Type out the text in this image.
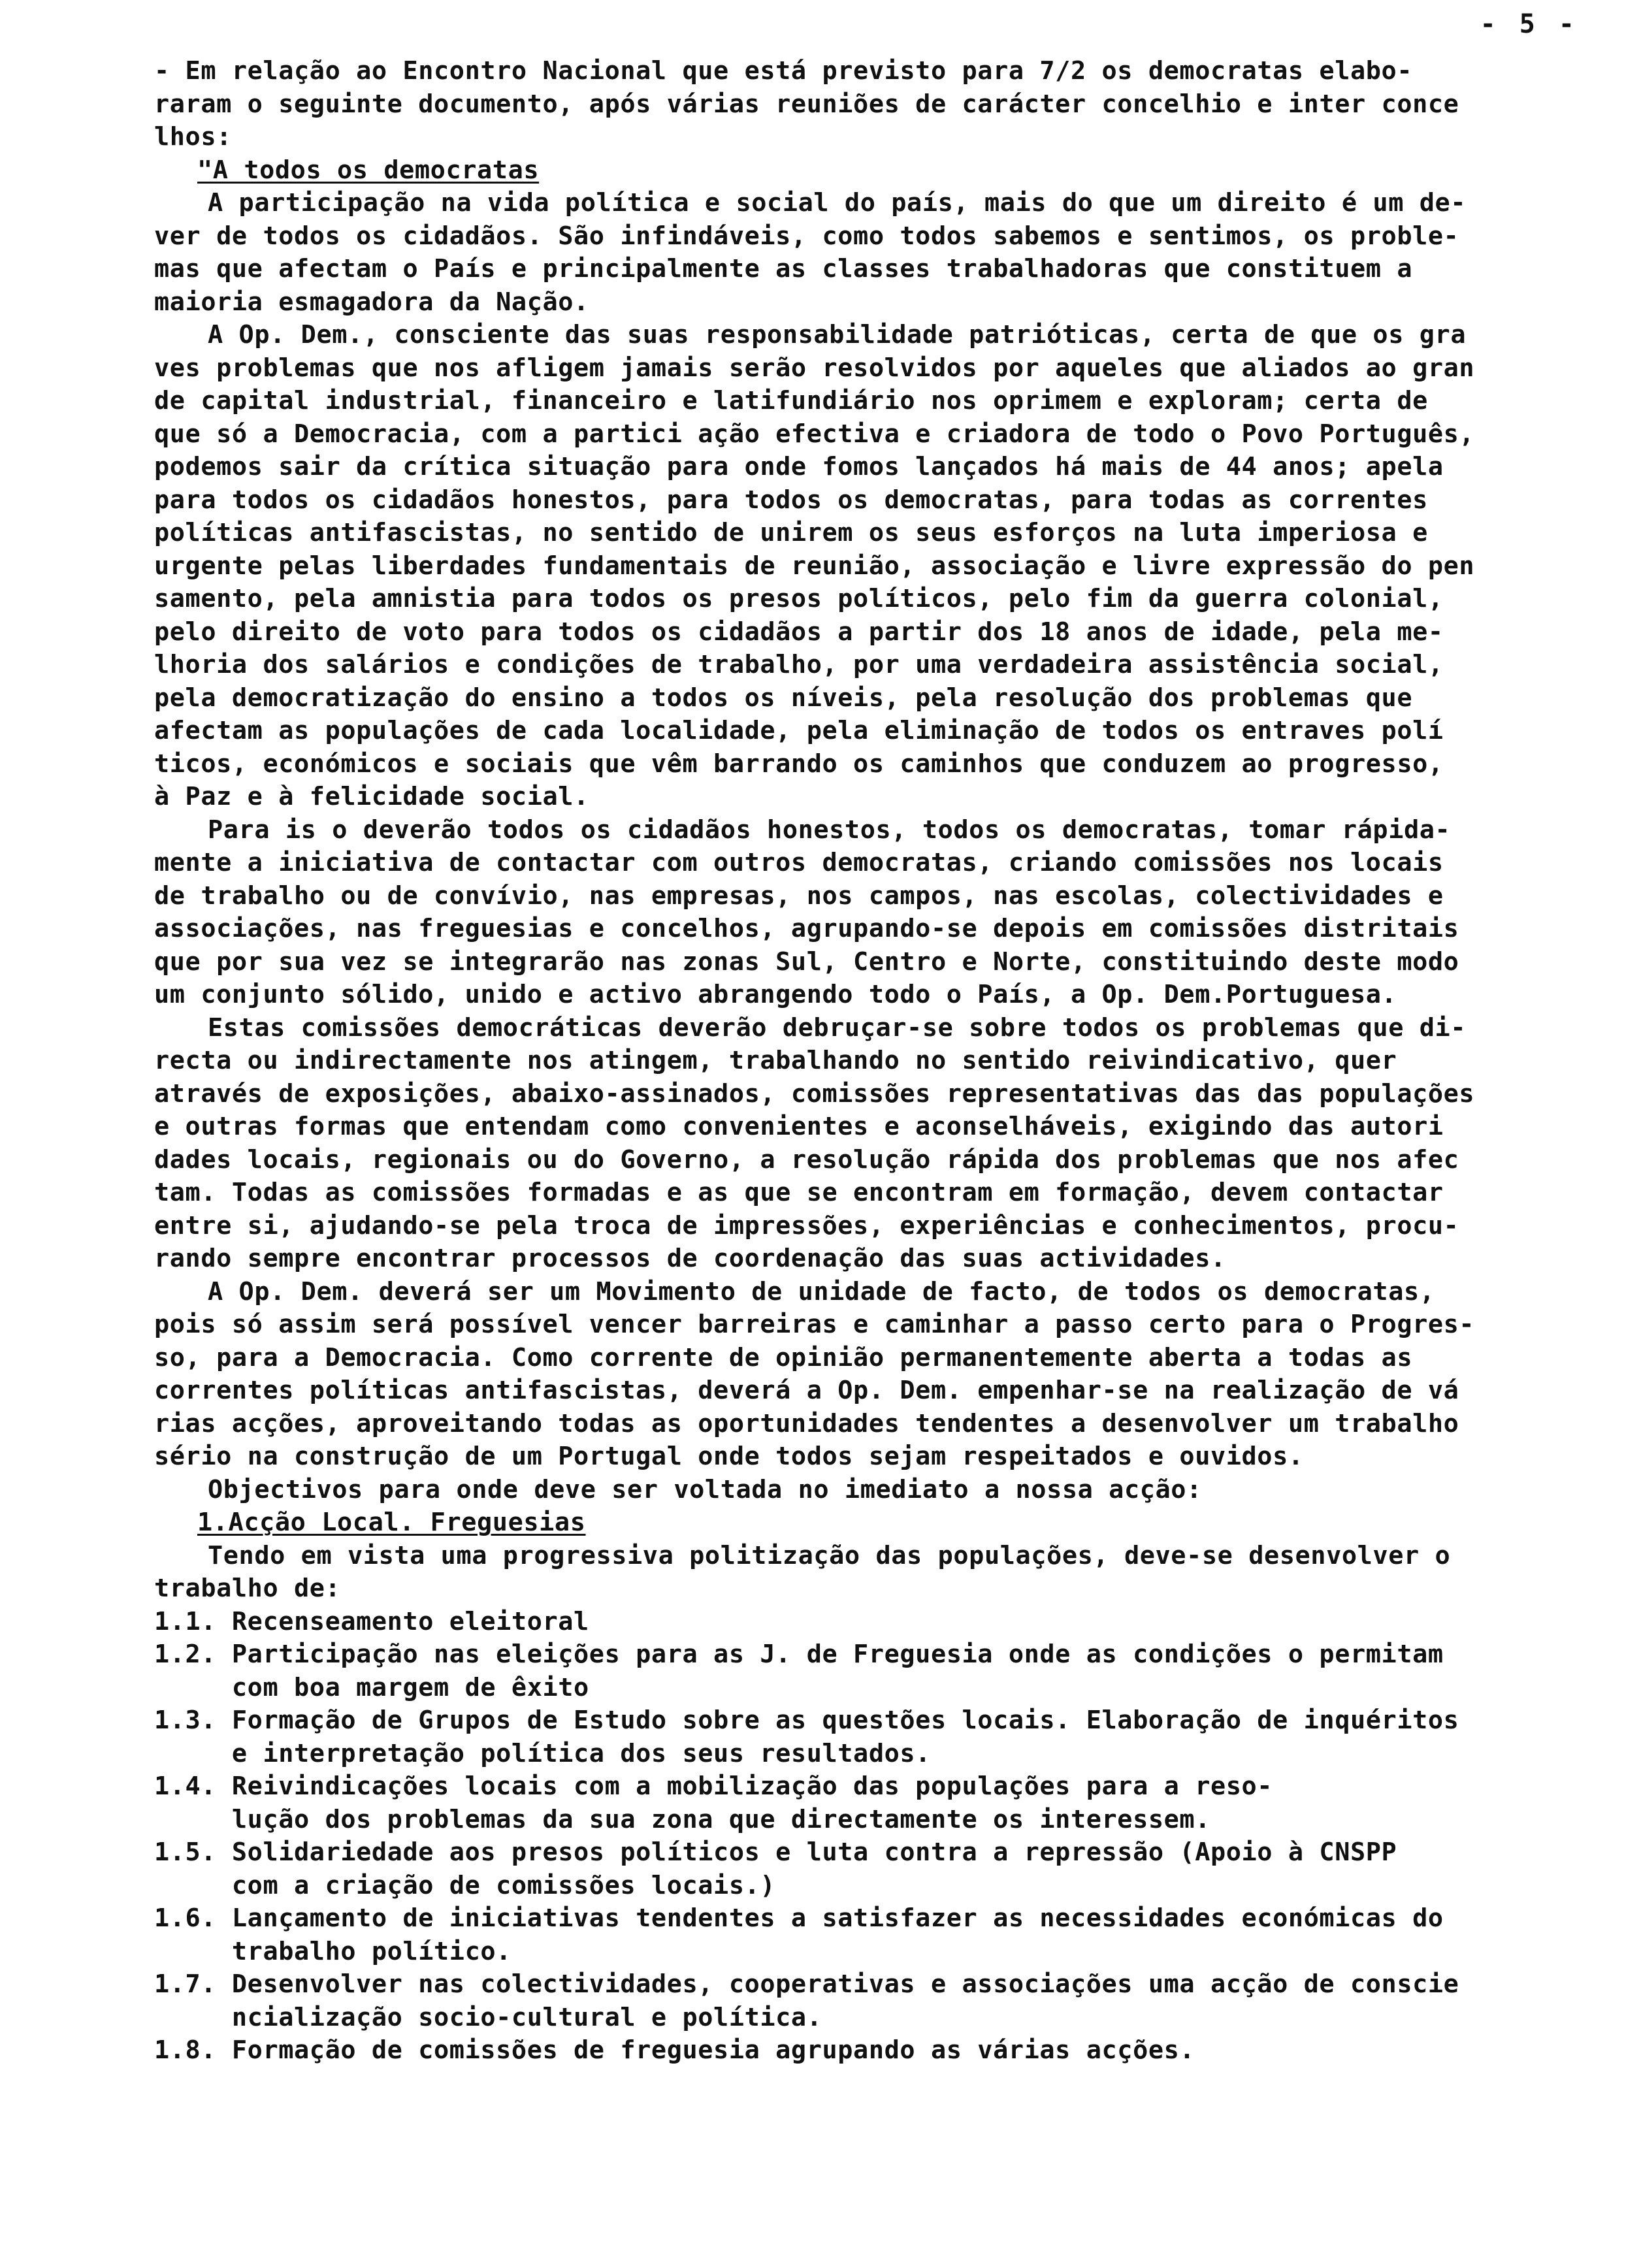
- 5 -
- Em relação ao Encontro Nacional que está previsto para 7/2 os democratas elabo-
raram o seguinte documento, após várias reuniões de carácter concelhio e inter conce
lhos:
"A todos os democratas
A participação na vida política e social do país, mais do que um direito é um de-
ver de todos os cidadãos. São infindáveis, como todos sabemos e sentimos, os proble-
mas que afectam o País e principalmente as classes trabalhadoras que constituem a
maioria esmagadora da Nação.
A Op. Dem., consciente das suas responsabilidade patrióticas, certa de que os gra
ves problemas que nos afligem jamais serão resolvidos por aqueles que aliados ao gran
de capital industrial, financeiro e latifundiário nos oprimem e exploram; certa de
que só a Democracia, com a partici ação efectiva e criadora de todo o Povo Português,
podemos sair da crítica situação para onde fomos lançados há mais de 44 anos; apela
para todos os cidadãos honestos, para todos os democratas, para todas as correntes
políticas antifascistas, no sentido de unirem os seus esforços na luta imperiosa e
urgente pelas liberdades fundamentais de reunião, associação e livre expressão do pen
samento, pela amnistia para todos os presos políticos, pelo fim da guerra colonial,
pelo direito de voto para todos os cidadãos a partir dos 18 anos de idade, pela me-
lhoria dos salários e condições de trabalho, por uma verdadeira assistência social,
pela democratização do ensino a todos os níveis, pela resolução dos problemas que
afectam as populações de cada localidade, pela eliminação de todos os entraves polí
ticos, económicos e sociais que vêm barrando os caminhos que conduzem ao progresso,
à Paz e à felicidade social.
Para is o deverão todos os cidadãos honestos, todos os democratas, tomar rápida-
mente a iniciativa de contactar com outros democratas, criando comissões nos locais
de trabalho ou de convívio, nas empresas, nos campos, nas escolas, colectividades e
associações, nas freguesias e concelhos, agrupando-se depois em comissões distritais
que por sua vez se integrarão nas zonas Sul, Centro e Norte, constituindo deste modo
um conjunto sólido, unido e activo abrangendo todo o País, a Op. Dem.Portuguesa.
Estas comissões democráticas deverão debruçar-se sobre todos os problemas que di-
recta ou indirectamente nos atingem, trabalhando no sentido reivindicativo, quer
através de exposições, abaixo-assinados, comissões representativas das das populações
e outras formas que entendam como convenientes e aconselháveis, exigindo das autori
dades locais, regionais ou do Governo, a resolução rápida dos problemas que nos afec
tam. Todas as comissões formadas e as que se encontram em formação, devem contactar
entre si, ajudando-se pela troca de impressões, experiências e conhecimentos, procu-
rando sempre encontrar processos de coordenação das suas actividades.
A Op. Dem. deverá ser um Movimento de unidade de facto, de todos os democratas,
pois só assim será possível vencer barreiras e caminhar a passo certo para o Progres-
so, para a Democracia. Como corrente de opinião permanentemente aberta a todas as
correntes políticas antifascistas, deverá a Op. Dem. empenhar-se na realização de vá
rias acções, aproveitando todas as oportunidades tendentes a desenvolver um trabalho
sério na construção de um Portugal onde todos sejam respeitados e ouvidos.
Objectivos para onde deve ser voltada no imediato a nossa acção:
1.Acção Local. Freguesias
Tendo em vista uma progressiva politização das populações, deve-se desenvolver o
trabalho de:
1.1. Recenseamento eleitoral
1.2. Participação nas eleições para as J. de Freguesia onde as condições o permitam
com boa margem de êxito
1.3. Formação de Grupos de Estudo sobre as questões locais. Elaboração de inquéritos
e interpretação política dos seus resultados.
1.4. Reivindicações locais com a mobilização das populações para a reso-
lução dos problemas da sua zona que directamente os interessem.
1.5. Solidariedade aos presos políticos e luta contra a repressão (Apoio à CNSPP
com a criação de comissões locais.)
1.6. Lançamento de iniciativas tendentes a satisfazer as necessidades económicas do
trabalho político.
1.7. Desenvolver nas colectividades, cooperativas e associações uma acção de conscie
ncialização socio-cultural e política.
1.8. Formação de comissões de freguesia agrupando as várias acções.
